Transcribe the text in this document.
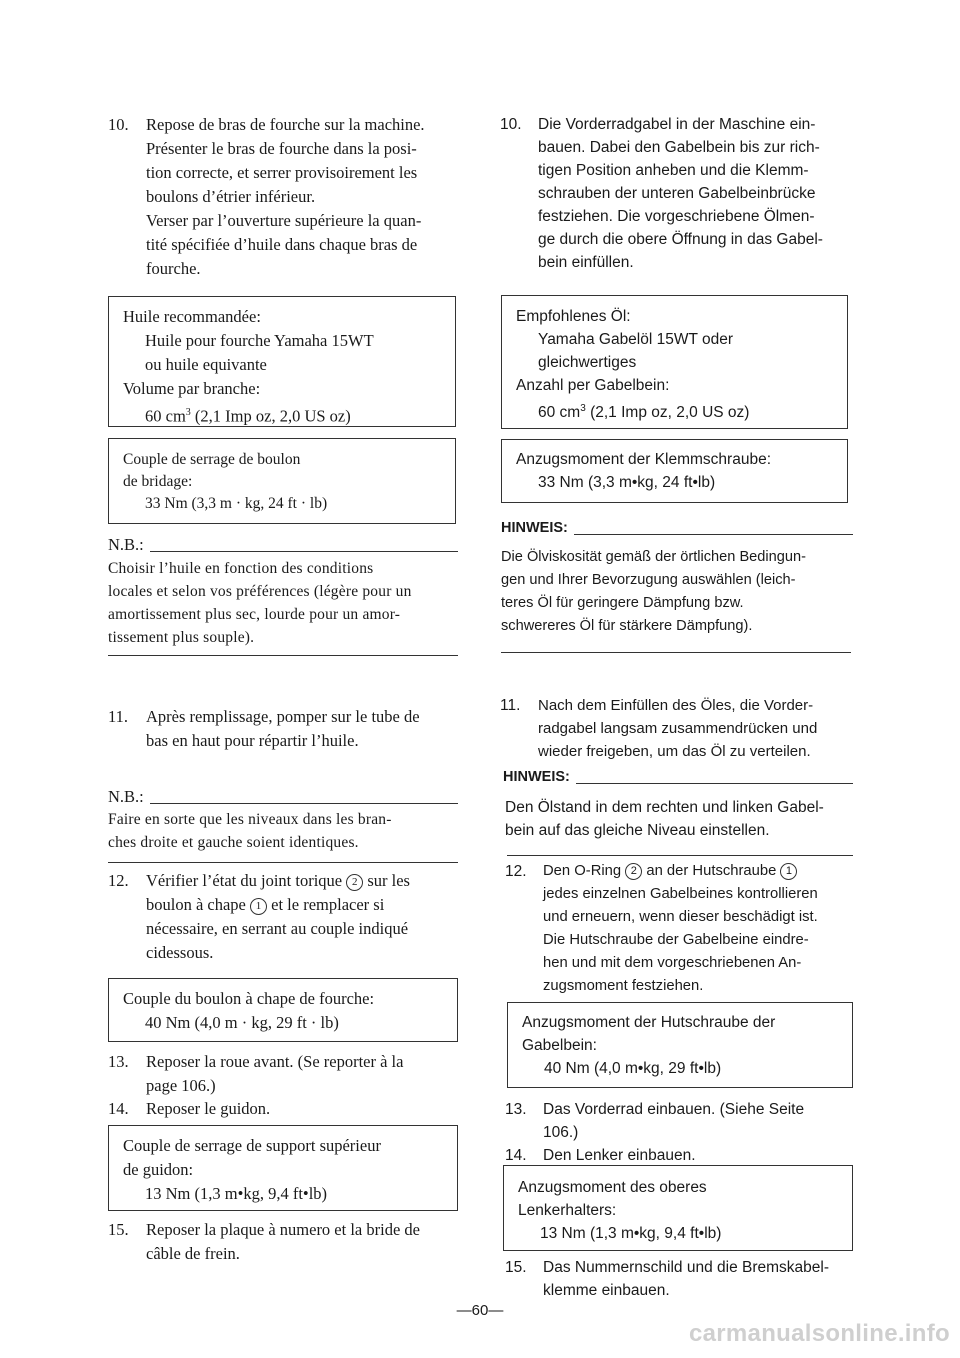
10.	Repose de bras de fourche sur la machine.
Présenter le bras de fourche dans la posi-
tion correcte, et serrer provisoirement les
boulons d’étrier inférieur.
Verser par l’ouverture supérieure la quan-
tité spécifiée d’huile dans chaque bras de
fourche.
Huile recommandée:
Huile pour fourche Yamaha 15WT
ou huile equivante
Volume par branche:
60 $cm^3$ (2,1 Imp oz, 2,0 US oz)
Couple de serrage de boulon
de bridage:
33 Nm (3,3 m · kg, 24 ft · lb)
N.B.:
Choisir l’huile en fonction des conditions
locales et selon vos préférences (légère pour un
amortissement plus sec, lourde pour un amor-
tissement plus souple).
11.	Après remplissage, pomper sur le tube de
bas en haut pour répartir l’huile.
N.B.:
Faire en sorte que les niveaux dans les bran-
ches droite et gauche soient identiques.
12.	Vérifier l’état du joint torique 2 sur les
boulon à chape 1 et le remplacer si
nécessaire, en serrant au couple indiqué
cidessous.
Couple du boulon à chape de fourche:
40 Nm (4,0 m · kg, 29 ft · lb)
13.	Reposer la roue avant. (Se reporter à la
page 106.)
14.	Reposer le guidon.
Couple de serrage de support supérieur
de guidon:
13 Nm (1,3 m•kg, 9,4 ft•lb)
15.	Reposer la plaque à numero et la bride de
câble de frein.
10.	Die Vorderradgabel in der Maschine ein-
bauen. Dabei den Gabelbein bis zur rich-
tigen Position anheben und die Klemm-
schrauben der unteren Gabelbeinbrücke
festziehen. Die vorgeschriebene Ölmen-
ge durch die obere Öffnung in das Gabel-
bein einfüllen.
Empfohlenes Öl:
Yamaha Gabelöl 15WT oder
gleichwertiges
Anzahl per Gabelbein:
60 $cm^3$ (2,1 Imp oz, 2,0 US oz)
Anzugsmoment der Klemmschraube:
33 Nm (3,3 m•kg, 24 ft•lb)
HINWEIS:
Die Ölviskosität gemäß der örtlichen Bedingun-
gen und Ihrer Bevorzugung auswählen (leich-
teres Öl für geringere Dämpfung bzw.
schwereres Öl für stärkere Dämpfung).
11.	Nach dem Einfüllen des Öles, die Vorder-
radgabel langsam zusammendrücken und
wieder freigeben, um das Öl zu verteilen.
HINWEIS:
Den Ölstand in dem rechten und linken Gabel-
bein auf das gleiche Niveau einstellen.
12.	Den O-Ring 2 an der Hutschraube 1
jedes einzelnen Gabelbeines kontrollieren
und erneuern, wenn dieser beschädigt ist.
Die Hutschraube der Gabelbeine eindre-
hen und mit dem vorgeschriebenen An-
zugsmoment festziehen.
Anzugsmoment der Hutschraube der
Gabelbein:
40 Nm (4,0 m•kg, 29 ft•lb)
13.	Das Vorderrad einbauen. (Siehe Seite
106.)
14.	Den Lenker einbauen.
Anzugsmoment des oberes
Lenkerhalters:
13 Nm (1,3 m•kg, 9,4 ft•lb)
15.	Das Nummernschild und die Bremskabel-
klemme einbauen.
—60—
carmanualsonline.info
